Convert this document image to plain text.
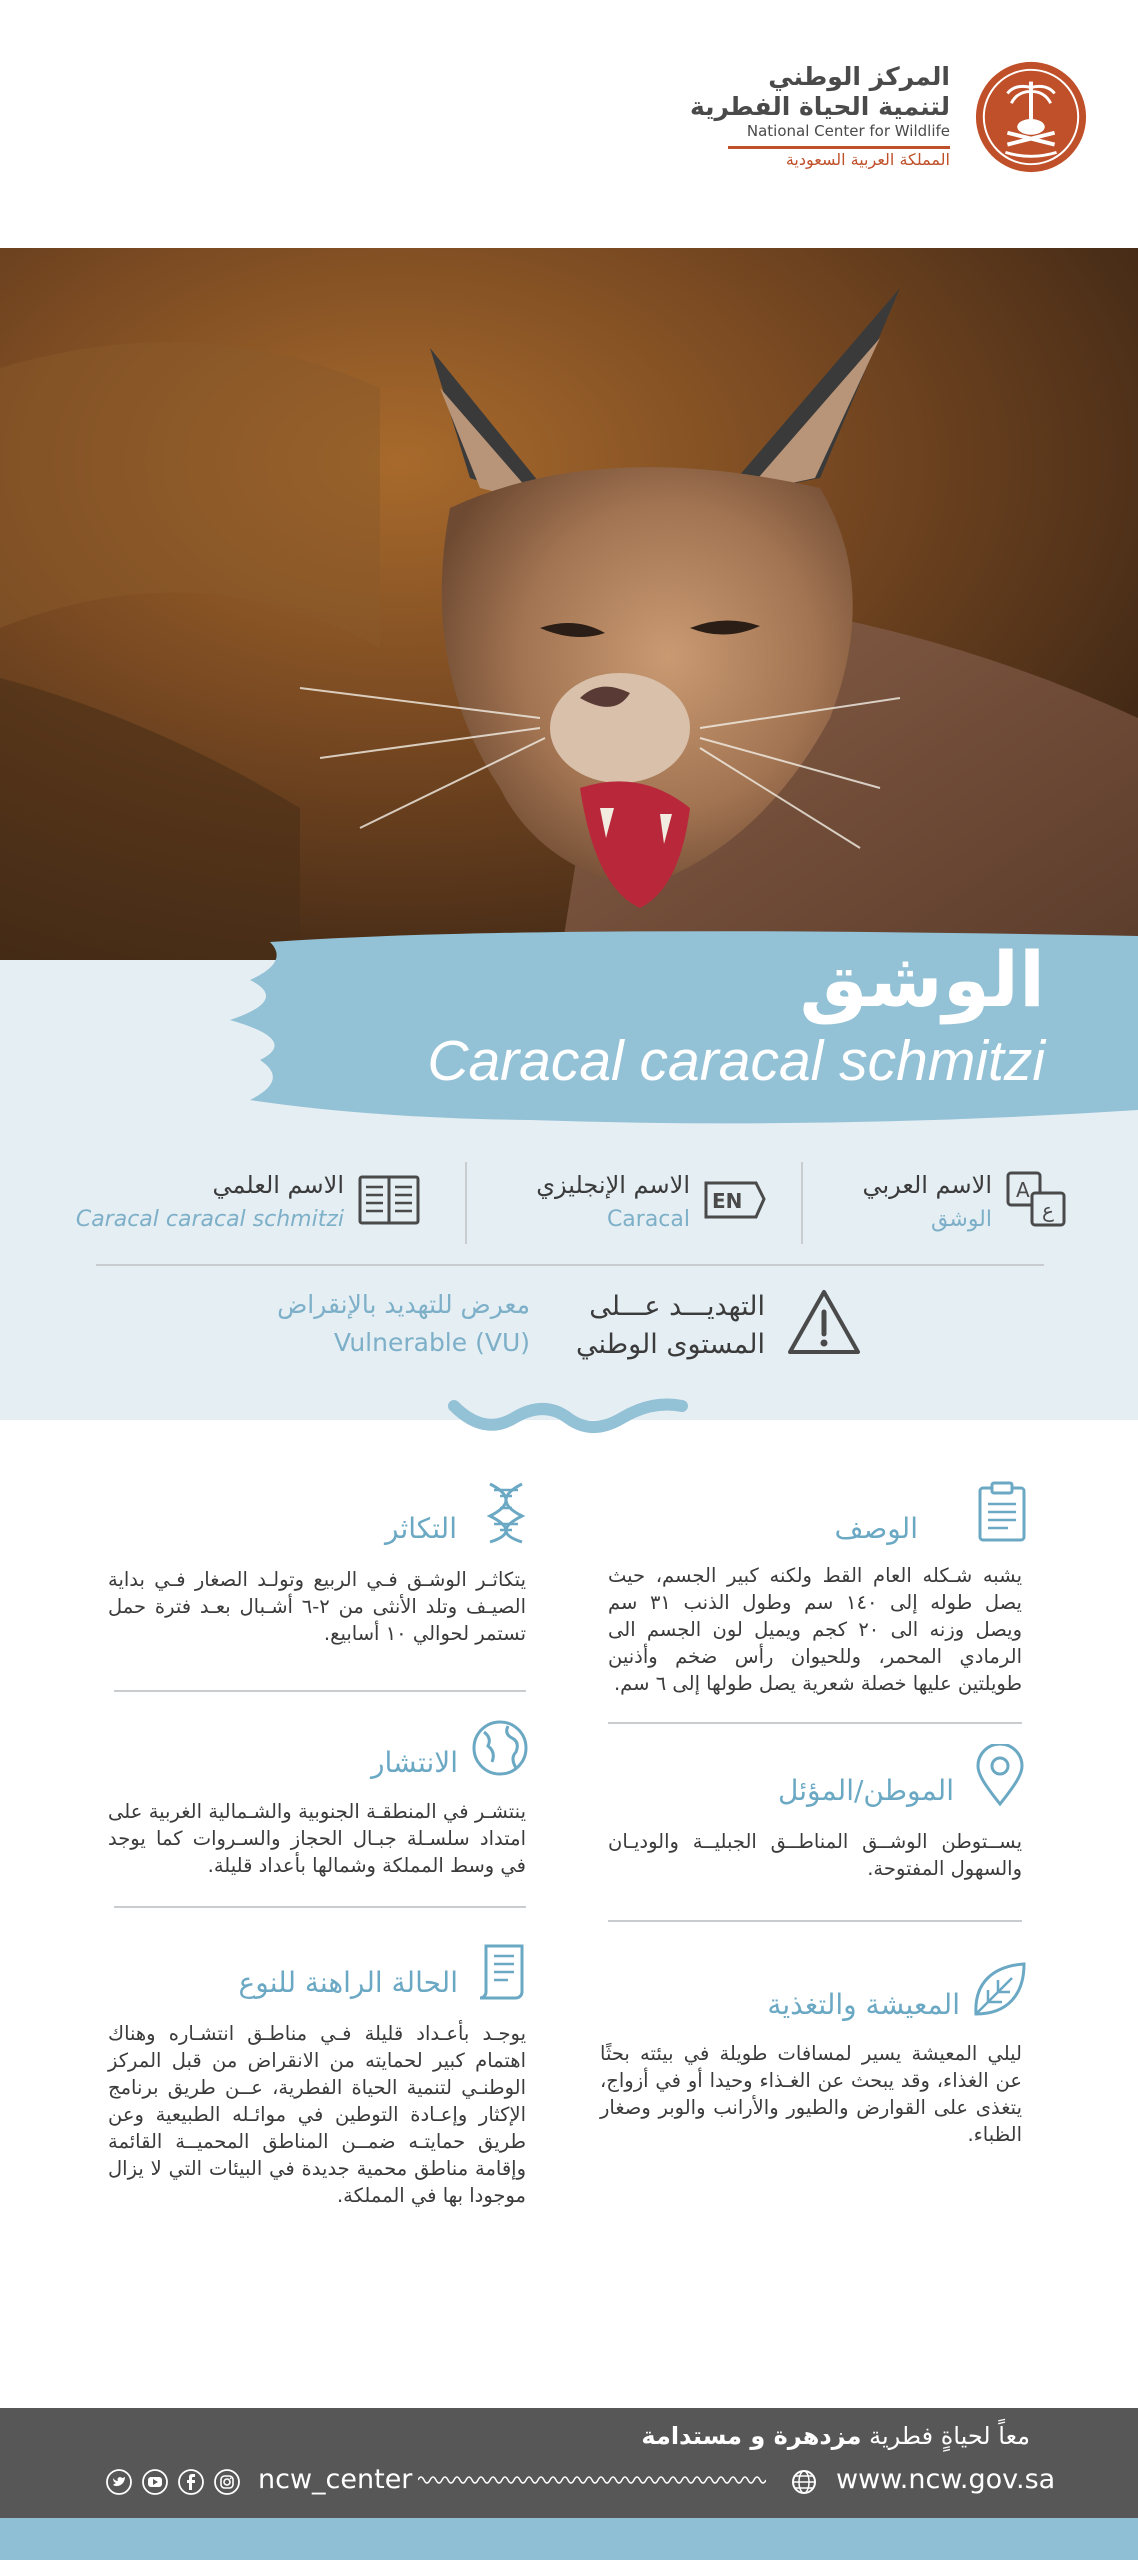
المركز الوطني
لتنمية الحياة الفطرية
National Center for Wildlife
المملكة العربية السعودية
الوشق
Caracal caracal schmitzi
A
ع
الاسم العربي
الوشق
EN
الاسم الإنجليزي
Caracal
الاسم العلمي
Caracal caracal schmitzi
التهديـــد عـــلى
المستوى الوطني
معرض للتهديد بالإنقراض
Vulnerable (VU)
الوصف
يشبه شـكله العام القط ولكنه كبير الجسم، حيث يصل طوله إلى ١٤٠ سم وطول الذنب ٣١ سم ويصل وزنه الى ٢٠ كجم ويميل لون الجسم الى الرمادي المحمر، وللحيوان رأس ضخم وأذنين طويلتين عليها خصلة شعرية يصل طولها إلى ٦ سم.
الموطن/المؤئل
يســتوطن الوشــق المناطــق الجبليــة والوديـان والسهول المفتوحة.
المعيشة والتغذية
ليلي المعيشة يسير لمسافات طويلة في بيئته بحثًا عن الغذاء، وقد يبحث عن الغـذاء وحيدا أو في أزواج، يتغذى على القوارض والطيور والأرانب والوبر وصغار الظباء.
التكاثر
يتكاثـر الوشـق فـي الربيع وتولـد الصغار فـي بداية الصيـف وتلد الأنثى من ٢-٦ أشـبال بعـد فترة حمل تستمر لحوالي ١٠ أسابيع.
الانتشار
ينتشـر في المنطقـة الجنوبية والشـمالية الغربية على امتداد سلسـلة جبـال الحجاز والسـروات كما يوجد في وسط المملكة وشمالها بأعداد قليلة.
الحالة الراهنة للنوع
يوجـد بأعـداد قليلة فـي مناطـق انتشـاره وهناك اهتمام كبير لحمايته من الانقراض من قبل المركز الوطنـي لتنمية الحياة الفطرية، عــن طريق برنامج الإكثار وإعـادة التوطين في موائـله الطبيعية وعن طريق حمايتـه ضمــن المناطق المحميــة القائمة وإقامة مناطق محمية جديدة في البيئات التي لا يزال موجودا بها في المملكة.
معاً لحياةٍ فطرية مزدهرة و مستدامة
www.ncw.gov.sa
ncw_center
